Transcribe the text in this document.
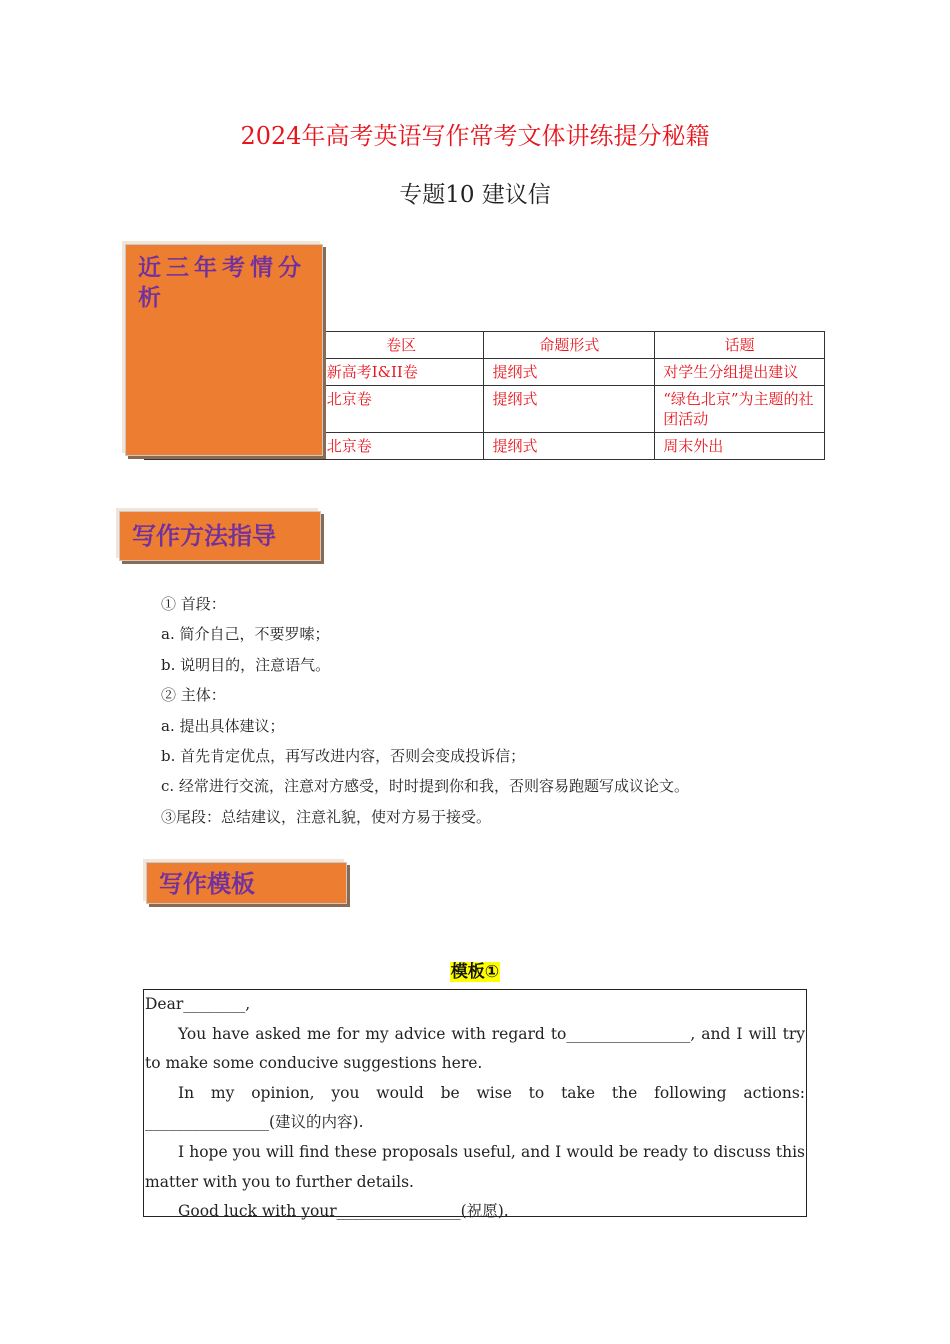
2024年高考英语写作常考文体讲练提分秘籍
专题10 建议信
	卷区	命题形式	话题
	新高考I&II卷	提纲式	对学生分组提出建议
	北京卷	提纲式	“绿色北京”为主题的社团活动
	北京卷	提纲式	周末外出
近三年考情分析
写作方法指导
① 首段：
a. 简介自己，不要罗嗦；
b. 说明目的，注意语气。
② 主体：
a. 提出具体建议；
b. 首先肯定优点，再写改进内容，否则会变成投诉信；
c. 经常进行交流，注意对方感受，时时提到你和我，否则容易跑题写成议论文。
③尾段：总结建议，注意礼貌，使对方易于接受。
写作模板
模板①

Dear________,

You have asked me for my advice with regard to________________, and I will try to make some conducive suggestions here.

In my opinion, you would be wise to take the following actions: ________________(建议的内容).

I hope you will find these proposals useful, and I would be ready to discuss this matter with you to further details.

Good luck with your________________(祝愿).
